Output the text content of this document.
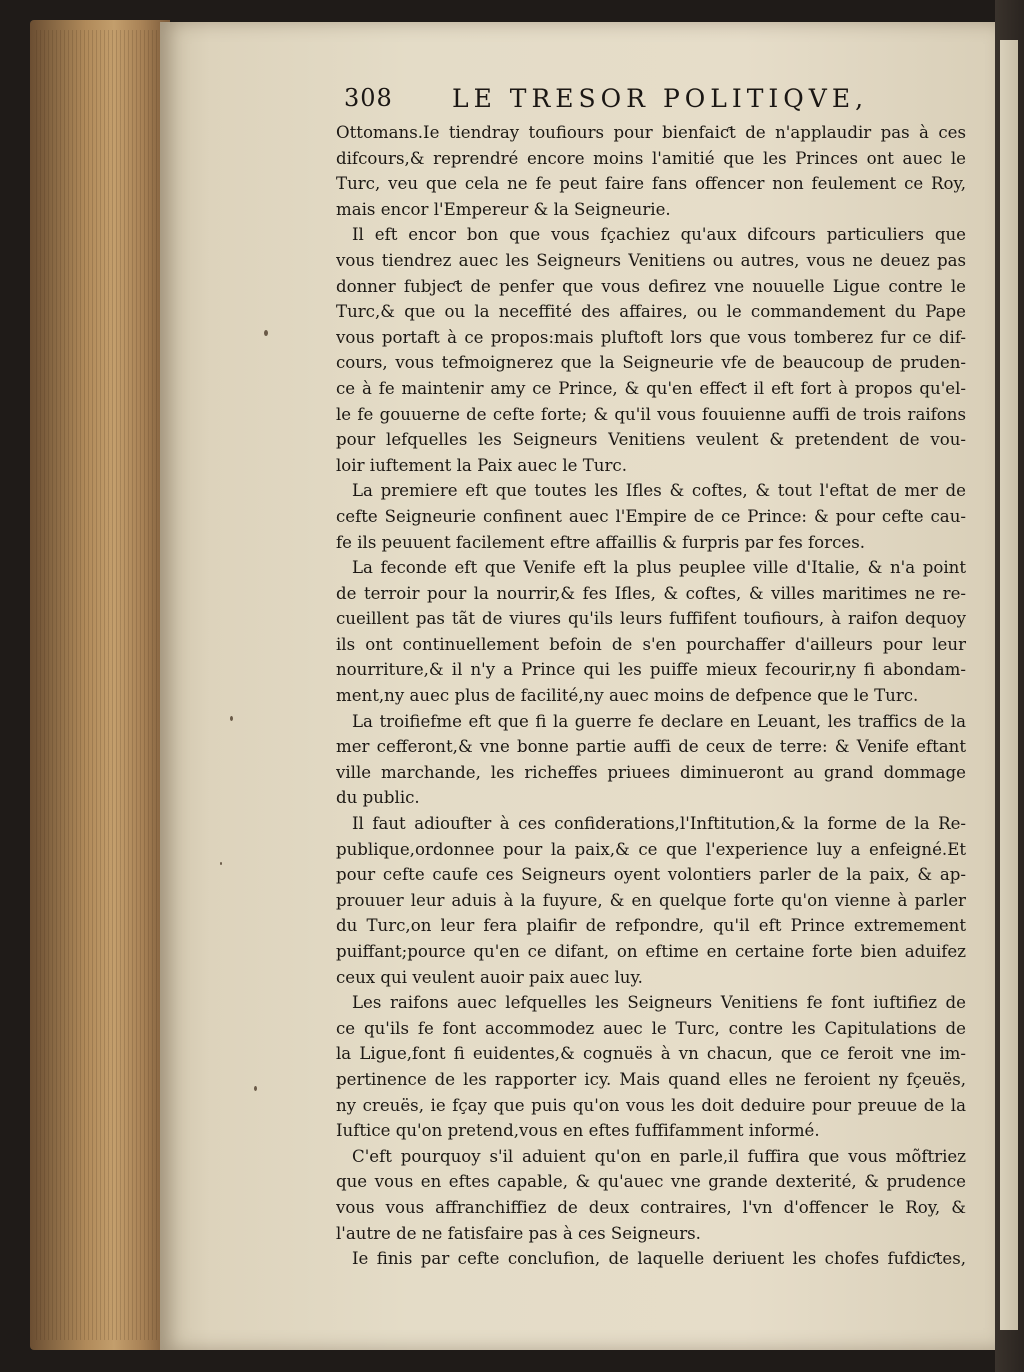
308 LE TRESOR POLITIQVE,
Ottomans.Ie tiendray toufiours pour bienfaiƈt de n'applaudir pas à ces
difcours,& reprendré encore moins l'amitié que les Princes ont auec le
Turc, veu que cela ne fe peut faire fans offencer non feulement ce Roy,
mais encor l'Empereur & la Seigneurie.
Il eft encor bon que vous fçachiez qu'aux difcours particuliers que
vous tiendrez auec les Seigneurs Venitiens ou autres, vous ne deuez pas
donner fubjeƈt de penfer que vous defirez vne nouuelle Ligue contre le
Turc,& que ou la neceffité des affaires, ou le commandement du Pape
vous portaft à ce propos:mais pluftoft lors que vous tomberez fur ce dif-
cours, vous tefmoignerez que la Seigneurie vfe de beaucoup de pruden-
ce à fe maintenir amy ce Prince, & qu'en effeƈt il eft fort à propos qu'el-
le fe gouuerne de cefte forte; & qu'il vous fouuienne auffi de trois raifons
pour lefquelles les Seigneurs Venitiens veulent & pretendent de vou-
loir iuftement la Paix auec le Turc.
La premiere eft que toutes les Ifles & coftes, & tout l'eftat de mer de
cefte Seigneurie confinent auec l'Empire de ce Prince: & pour cefte cau-
fe ils peuuent facilement eftre affaillis & furpris par fes forces.
La feconde eft que Venife eft la plus peuplee ville d'Italie, & n'a point
de terroir pour la nourrir,& fes Ifles, & coftes, & villes maritimes ne re-
cueillent pas tãt de viures qu'ils leurs fuffifent toufiours, à raifon dequoy
ils ont continuellement befoin de s'en pourchaffer d'ailleurs pour leur
nourriture,& il n'y a Prince qui les puiffe mieux fecourir,ny fi abondam-
ment,ny auec plus de facilité,ny auec moins de defpence que le Turc.
La troifiefme eft que fi la guerre fe declare en Leuant, les traffics de la
mer cefferont,& vne bonne partie auffi de ceux de terre: & Venife eftant
ville marchande, les richeffes priuees diminueront au grand dommage
du public.
Il faut adioufter à ces confiderations,l'Inftitution,& la forme de la Re-
publique,ordonnee pour la paix,& ce que l'experience luy a enfeigné.Et
pour cefte caufe ces Seigneurs oyent volontiers parler de la paix, & ap-
prouuer leur aduis à la fuyure, & en quelque forte qu'on vienne à parler
du Turc,on leur fera plaifir de refpondre, qu'il eft Prince extremement
puiffant;pource qu'en ce difant, on eftime en certaine forte bien aduifez
ceux qui veulent auoir paix auec luy.
Les raifons auec lefquelles les Seigneurs Venitiens fe font iuftifiez de
ce qu'ils fe font accommodez auec le Turc, contre les Capitulations de
la Ligue,font fi euidentes,& cognuës à vn chacun, que ce feroit vne im-
pertinence de les rapporter icy. Mais quand elles ne feroient ny fçeuës,
ny creuës, ie fçay que puis qu'on vous les doit deduire pour preuue de la
Iuftice qu'on pretend,vous en eftes fuffifamment informé.
C'eft pourquoy s'il aduient qu'on en parle,il fuffira que vous mõftriez
que vous en eftes capable, & qu'auec vne grande dexterité, & prudence
vous vous affranchiffiez de deux contraires, l'vn d'offencer le Roy, &
l'autre de ne fatisfaire pas à ces Seigneurs.
Ie finis par cefte conclufion, de laquelle deriuent les chofes fufdiƈtes,
